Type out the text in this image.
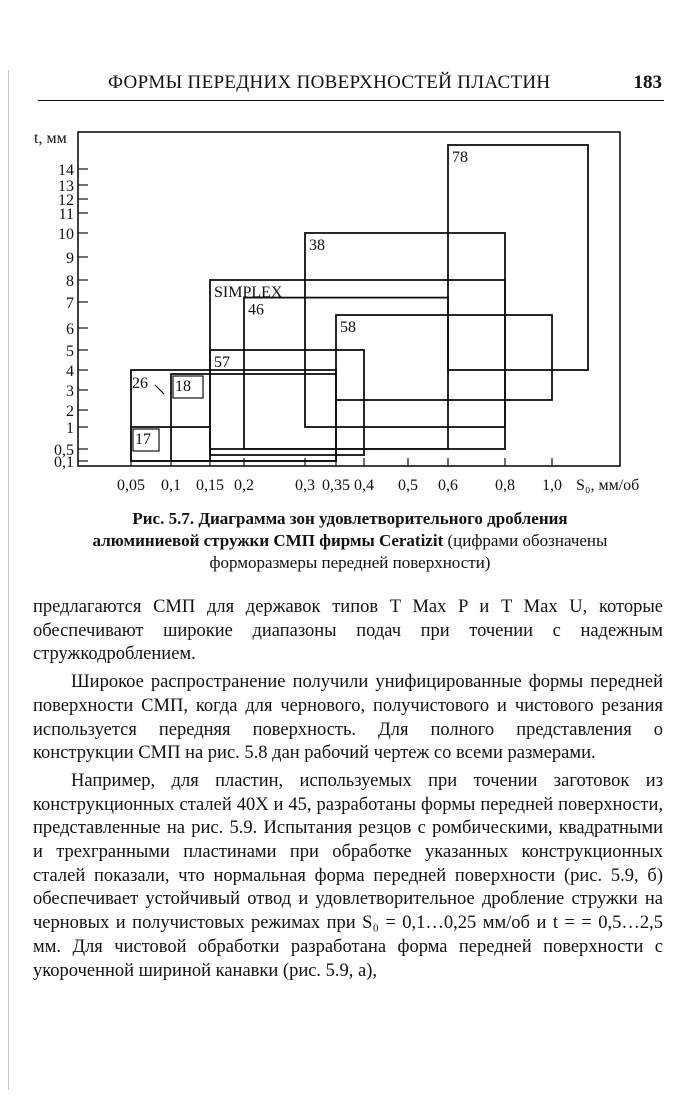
ФОРМЫ ПЕРЕДНИХ ПОВЕРХНОСТЕЙ ПЛАСТИН	183
17
18
26
57
58
46
SIMPLEX
38
78
0,1
0,5
1
2
3
4
5
6
7
8
9
10
11
12
13
14
0,05 0,1 0,15 0,2	0,3 0,35 0,4 0,5 0,6 0,8 1,0
t, мм
S₀, мм/об
Рис. 5.7. Диаграмма зон удовлетворительного дробления алюминиевой стружки СМП фирмы Ceratizit (цифрами обозначены форморазмеры передней поверхности)

предлагаются СМП для державок типов T Max P и T Max U, которые обеспечивают широкие диапазоны подач при точении с надежным стружкодроблением.

Широкое распространение получили унифицированные формы передней поверхности СМП, когда для чернового, получистового и чистового резания используется передняя поверхность. Для полного представления о конструкции СМП на рис. 5.8 дан рабочий чертеж со всеми размерами.

Например, для пластин, используемых при точении заготовок из конструкционных сталей 40Х и 45, разработаны формы передней поверхности, представленные на рис. 5.9. Испытания резцов с ромбическими, квадратными и трехгранными пластинами при обработке указанных конструкционных сталей показали, что нормальная форма передней поверхности (рис. 5.9, б) обеспечивает устойчивый отвод и удовлетворительное дробление стружки на черновых и получистовых режимах при S₀ = 0,1…0,25 мм/об и t = = 0,5…2,5 мм. Для чистовой обработки разработана форма передней поверхности с укороченной шириной канавки (рис. 5.9, а),
